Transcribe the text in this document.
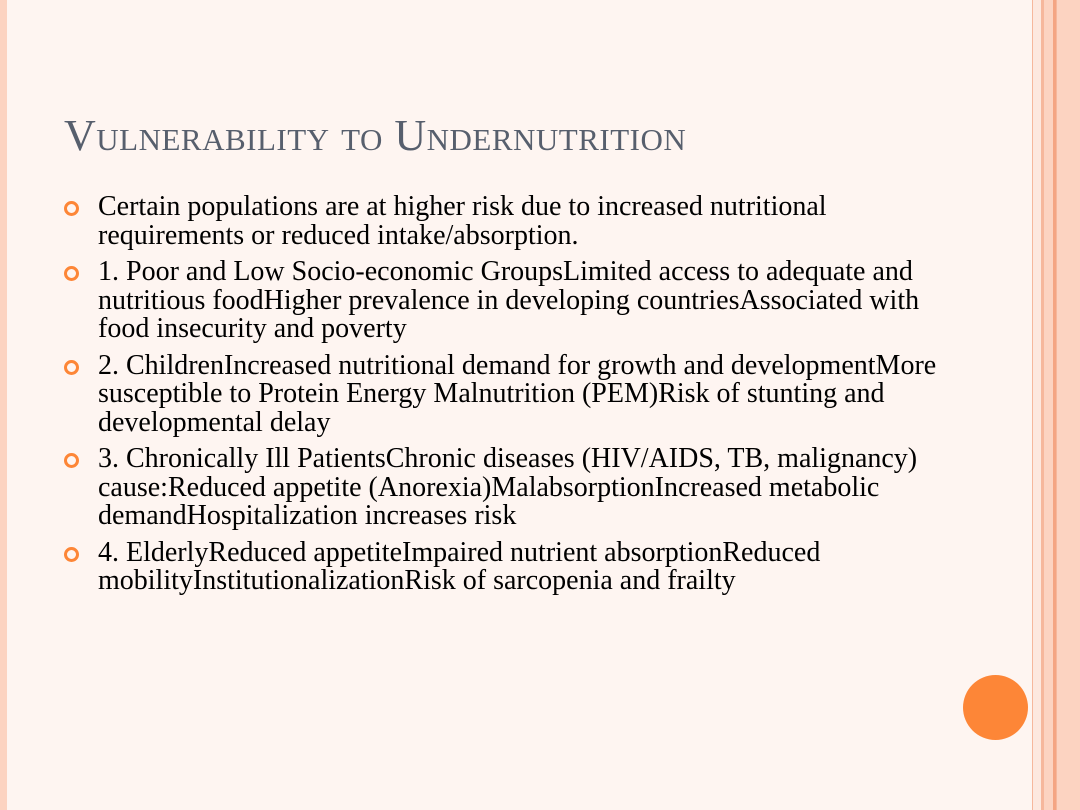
Vulnerability to Undernutrition
Certain populations are at higher risk due to increased nutritional requirements or reduced intake/absorption.
1. Poor and Low Socio-economic GroupsLimited access to adequate and nutritious foodHigher prevalence in developing countriesAssociated with food insecurity and poverty
2. ChildrenIncreased nutritional demand for growth and developmentMore susceptible to Protein Energy Malnutrition (PEM)Risk of stunting and developmental delay
3. Chronically Ill PatientsChronic diseases (HIV/AIDS, TB, malignancy) cause:Reduced appetite (Anorexia)MalabsorptionIncreased metabolic demandHospitalization increases risk
4. ElderlyReduced appetiteImpaired nutrient absorptionReduced mobilityInstitutionalizationRisk of sarcopenia and frailty
